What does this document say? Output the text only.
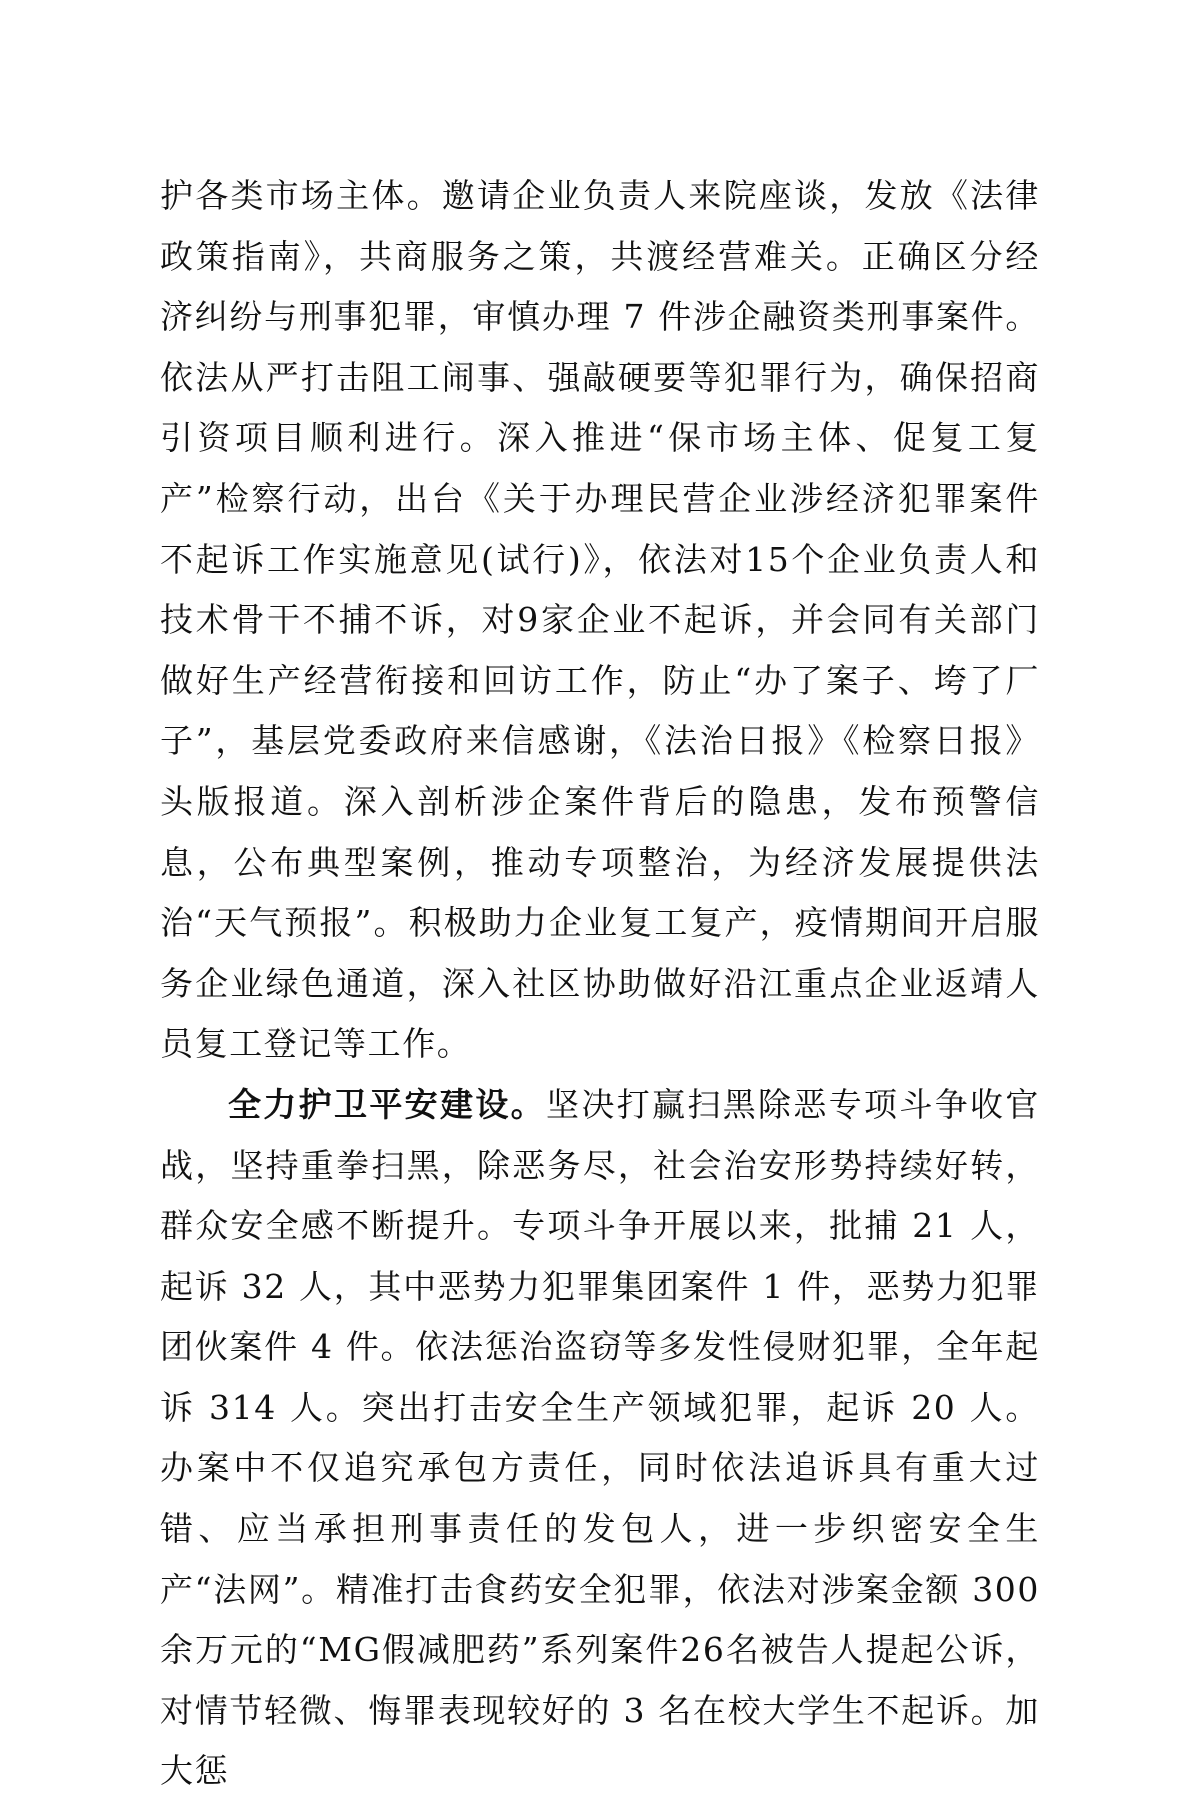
护各类市场主体。邀请企业负责人来院座谈，发放《法律政策指南》，共商服务之策，共渡经营难关。正确区分经济纠纷与刑事犯罪，审慎办理 7 件涉企融资类刑事案件。依法从严打击阻工闹事、强敲硬要等犯罪行为，确保招商引资项目顺利进行。深入推进“保市场主体、促复工复产”检察行动，出台《关于办理民营企业涉经济犯罪案件不起诉工作实施意见(试行)》，依法对15个企业负责人和技术骨干不捕不诉，对9家企业不起诉，并会同有关部门做好生产经营衔接和回访工作，防止“办了案子、垮了厂子”，基层党委政府来信感谢，《法治日报》《检察日报》头版报道。深入剖析涉企案件背后的隐患，发布预警信息，公布典型案例，推动专项整治，为经济发展提供法治“天气预报”。积极助力企业复工复产，疫情期间开启服务企业绿色通道，深入社区协助做好沿江重点企业返靖人员复工登记等工作。

全力护卫平安建设。坚决打赢扫黑除恶专项斗争收官战，坚持重拳扫黑，除恶务尽，社会治安形势持续好转，群众安全感不断提升。专项斗争开展以来，批捕 21 人，起诉 32 人，其中恶势力犯罪集团案件 1 件，恶势力犯罪团伙案件 4 件。依法惩治盗窃等多发性侵财犯罪，全年起诉 314 人。突出打击安全生产领域犯罪，起诉 20 人。办案中不仅追究承包方责任，同时依法追诉具有重大过错、应当承担刑事责任的发包人，进一步织密安全生产“法网”。精准打击食药安全犯罪，依法对涉案金额 300余万元的“MG假减肥药”系列案件26名被告人提起公诉，对情节轻微、悔罪表现较好的 3 名在校大学生不起诉。加大惩
